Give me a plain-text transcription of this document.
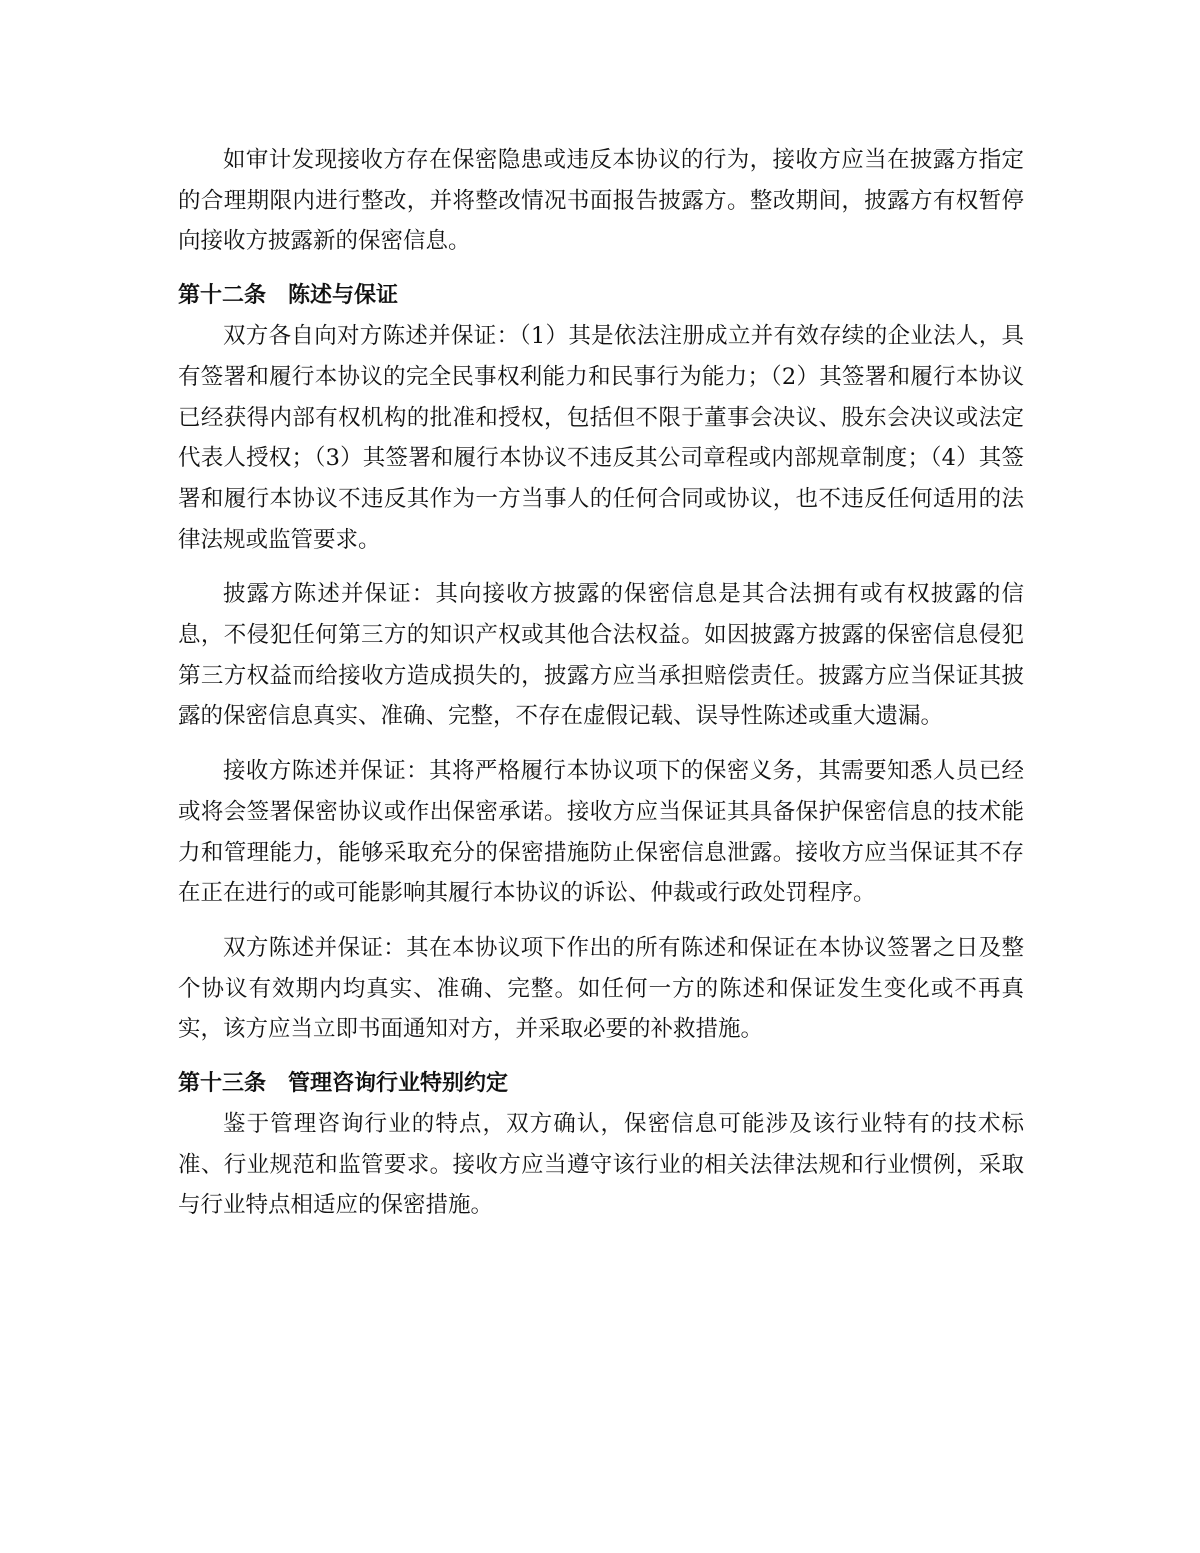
如审计发现接收方存在保密隐患或违反本协议的行为，接收方应当在披露方指定的合理期限内进行整改，并将整改情况书面报告披露方。整改期间，披露方有权暂停向接收方披露新的保密信息。

第十二条　陈述与保证

双方各自向对方陈述并保证：（1）其是依法注册成立并有效存续的企业法人，具有签署和履行本协议的完全民事权利能力和民事行为能力；（2）其签署和履行本协议已经获得内部有权机构的批准和授权，包括但不限于董事会决议、股东会决议或法定代表人授权；（3）其签署和履行本协议不违反其公司章程或内部规章制度；（4）其签署和履行本协议不违反其作为一方当事人的任何合同或协议，也不违反任何适用的法律法规或监管要求。

披露方陈述并保证：其向接收方披露的保密信息是其合法拥有或有权披露的信息，不侵犯任何第三方的知识产权或其他合法权益。如因披露方披露的保密信息侵犯第三方权益而给接收方造成损失的，披露方应当承担赔偿责任。披露方应当保证其披露的保密信息真实、准确、完整，不存在虚假记载、误导性陈述或重大遗漏。

接收方陈述并保证：其将严格履行本协议项下的保密义务，其需要知悉人员已经或将会签署保密协议或作出保密承诺。接收方应当保证其具备保护保密信息的技术能力和管理能力，能够采取充分的保密措施防止保密信息泄露。接收方应当保证其不存在正在进行的或可能影响其履行本协议的诉讼、仲裁或行政处罚程序。

双方陈述并保证：其在本协议项下作出的所有陈述和保证在本协议签署之日及整个协议有效期内均真实、准确、完整。如任何一方的陈述和保证发生变化或不再真实，该方应当立即书面通知对方，并采取必要的补救措施。

第十三条　管理咨询行业特别约定

鉴于管理咨询行业的特点，双方确认，保密信息可能涉及该行业特有的技术标准、行业规范和监管要求。接收方应当遵守该行业的相关法律法规和行业惯例，采取与行业特点相适应的保密措施。
